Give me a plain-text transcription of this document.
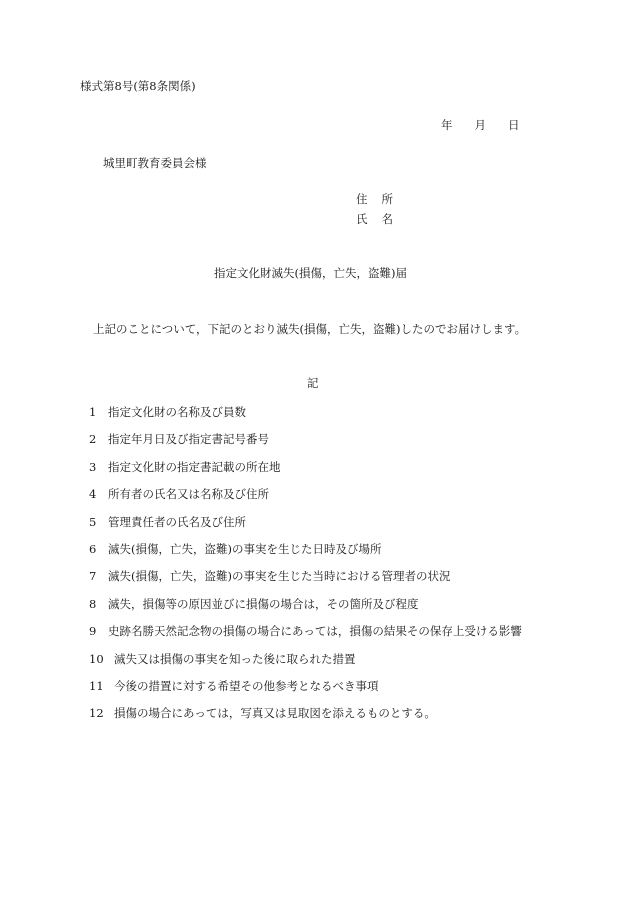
様式第8号(第8条関係)
年 月 日
城里町教育委員会様
住 所
氏 名
指定文化財滅失(損傷，亡失，盗難)届
上記のことについて，下記のとおり滅失(損傷，亡失，盗難)したのでお届けします。
記
1 指定文化財の名称及び員数
2 指定年月日及び指定書記号番号
3 指定文化財の指定書記載の所在地
4 所有者の氏名又は名称及び住所
5 管理責任者の氏名及び住所
6 滅失(損傷，亡失，盗難)の事実を生じた日時及び場所
7 滅失(損傷，亡失，盗難)の事実を生じた当時における管理者の状況
8 滅失，損傷等の原因並びに損傷の場合は，その箇所及び程度
9 史跡名勝天然記念物の損傷の場合にあっては，損傷の結果その保存上受ける影響
10 滅失又は損傷の事実を知った後に取られた措置
11 今後の措置に対する希望その他参考となるべき事項
12 損傷の場合にあっては，写真又は見取図を添えるものとする。
